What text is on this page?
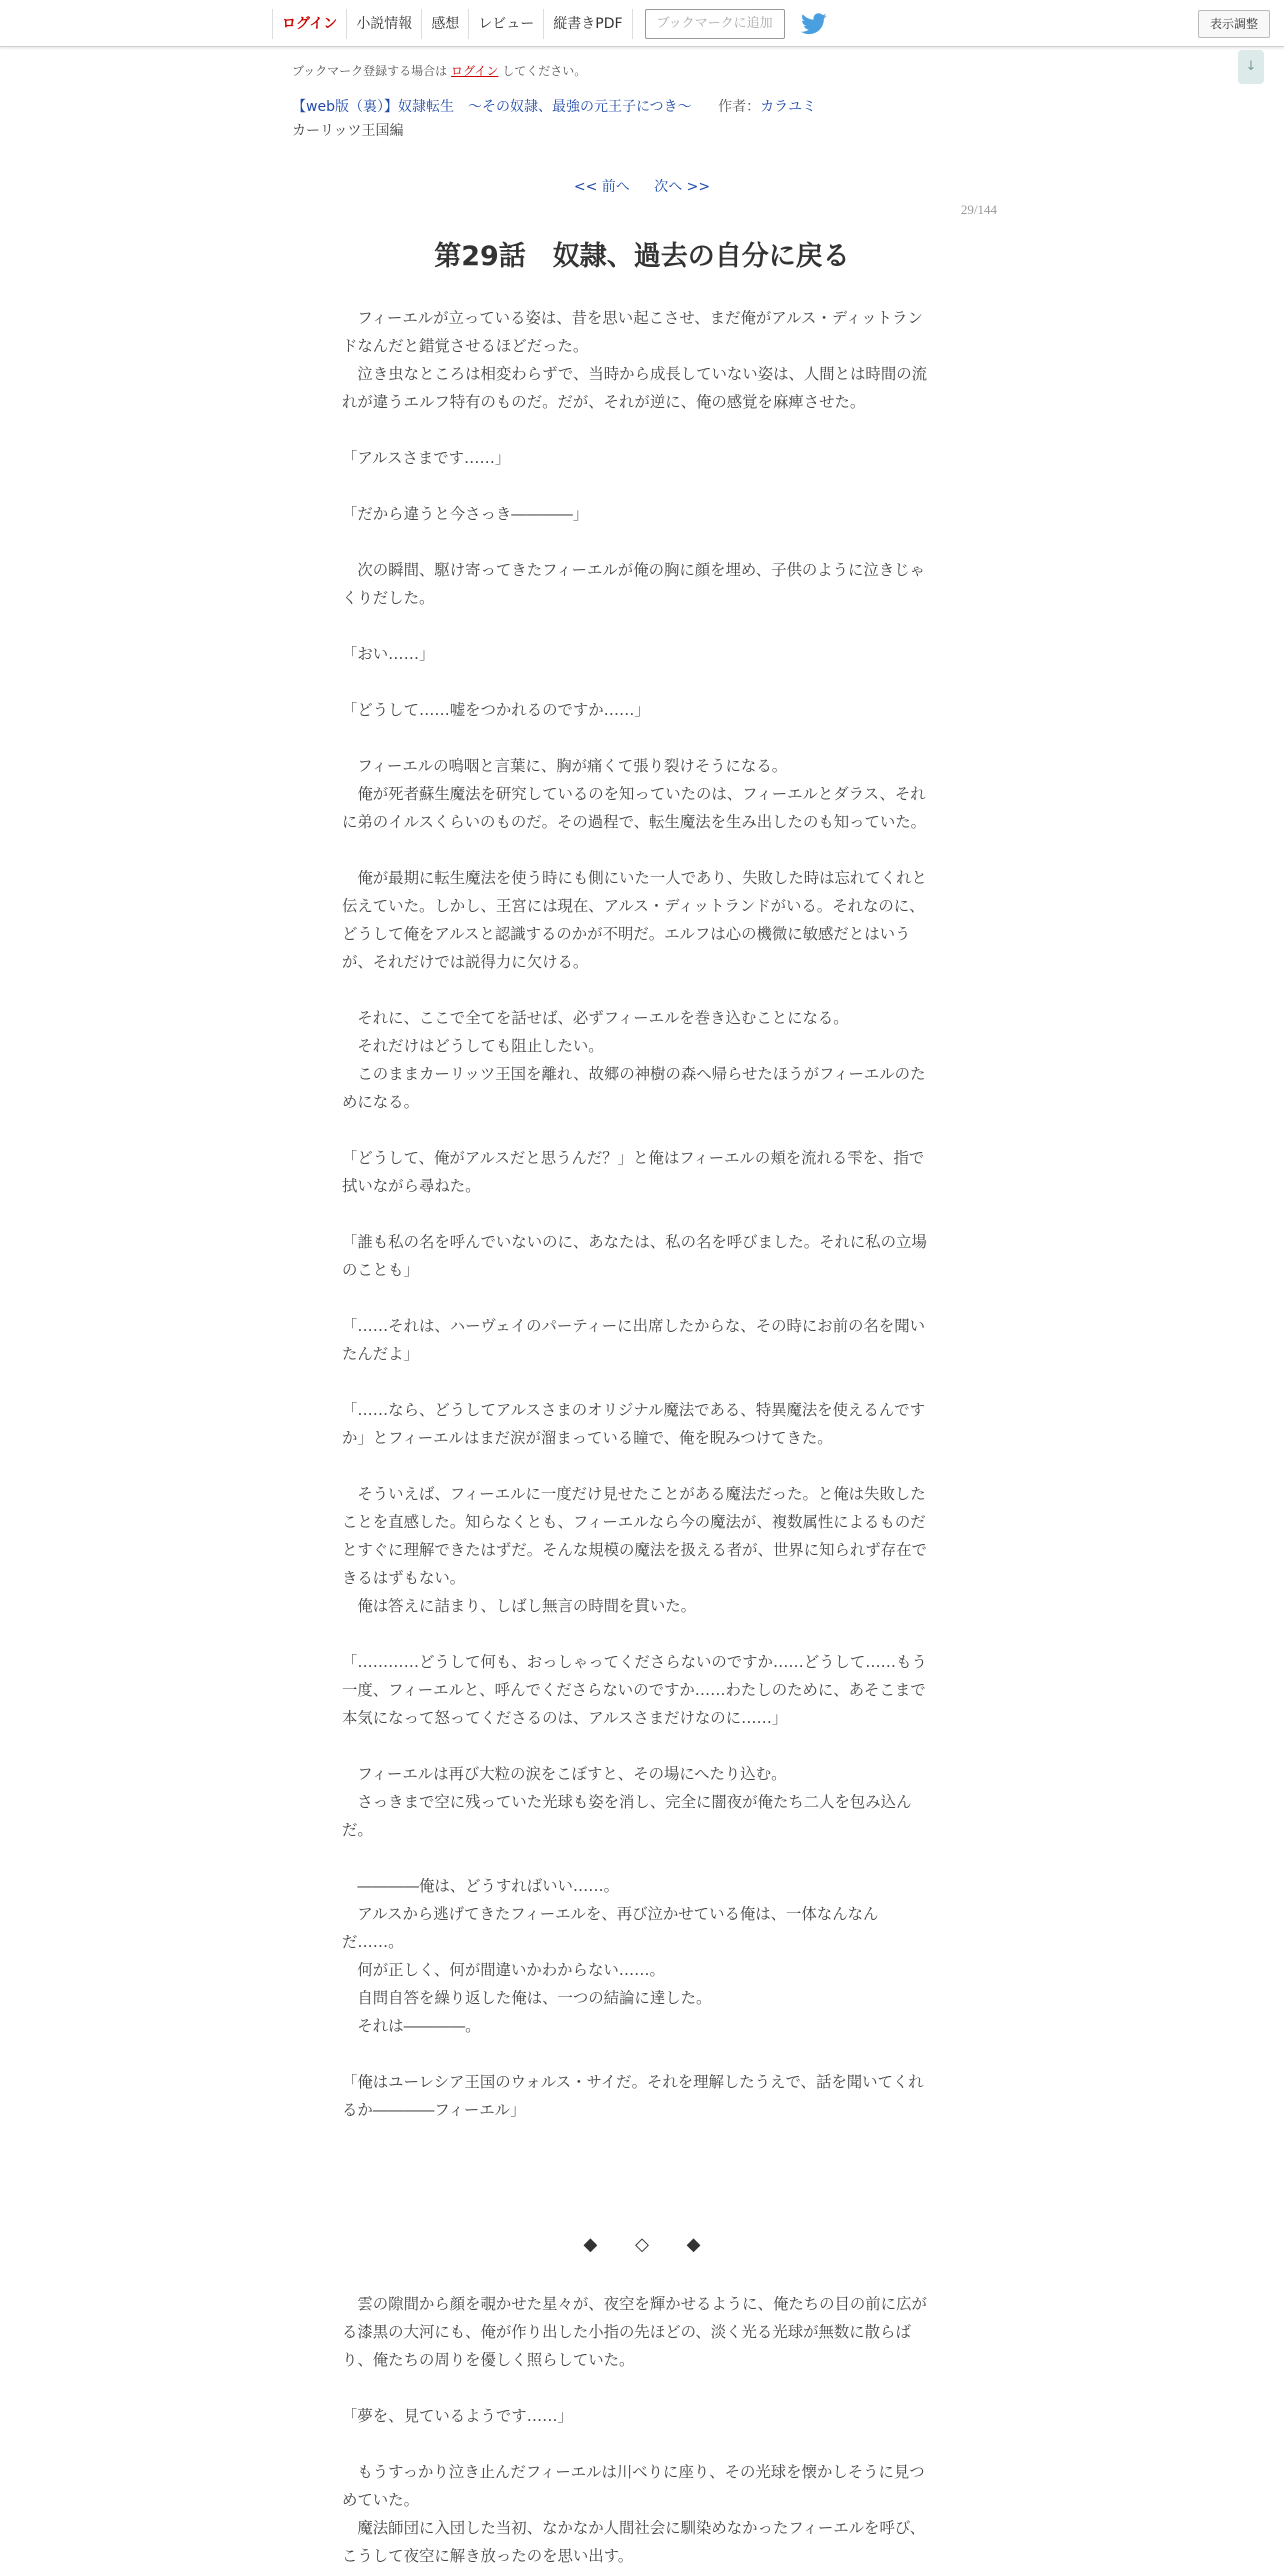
ログイン	小説情報	感想	レビュー	縦書きPDF	ブックマークに追加	表示調整
↓
ブックマーク登録する場合は ログイン してください。
【web版（裏）】奴隷転生　～その奴隷、最強の元王子につき～ 作者：カラユミ
カーリッツ王国編
<< 前へ 次へ >>
29/144
第29話　奴隷、過去の自分に戻る

　フィーエルが立っている姿は、昔を思い起こさせ、まだ俺がアルス・ディットランドなんだと錯覚させるほどだった。

　泣き虫なところは相変わらずで、当時から成長していない姿は、人間とは時間の流れが違うエルフ特有のものだ。だが、それが逆に、俺の感覚を麻痺させた。

「アルスさまです……」

「だから違うと今さっき――――」

　次の瞬間、駆け寄ってきたフィーエルが俺の胸に顔を埋め、子供のように泣きじゃくりだした。

「おい……」

「どうして……嘘をつかれるのですか……」

　フィーエルの嗚咽と言葉に、胸が痛くて張り裂けそうになる。

　俺が死者蘇生魔法を研究しているのを知っていたのは、フィーエルとダラス、それに弟のイルスくらいのものだ。その過程で、転生魔法を生み出したのも知っていた。

　俺が最期に転生魔法を使う時にも側にいた一人であり、失敗した時は忘れてくれと伝えていた。しかし、王宮には現在、アルス・ディットランドがいる。それなのに、どうして俺をアルスと認識するのかが不明だ。エルフは心の機微に敏感だとはいうが、それだけでは説得力に欠ける。

　それに、ここで全てを話せば、必ずフィーエルを巻き込むことになる。

　それだけはどうしても阻止したい。

　このままカーリッツ王国を離れ、故郷の神樹の森へ帰らせたほうがフィーエルのためになる。

「どうして、俺がアルスだと思うんだ？」と俺はフィーエルの頬を流れる雫を、指で拭いながら尋ねた。

「誰も私の名を呼んでいないのに、あなたは、私の名を呼びました。それに私の立場のことも」

「……それは、ハーヴェイのパーティーに出席したからな、その時にお前の名を聞いたんだよ」

「……なら、どうしてアルスさまのオリジナル魔法である、特異魔法を使えるんですか」とフィーエルはまだ涙が溜まっている瞳で、俺を睨みつけてきた。

　そういえば、フィーエルに一度だけ見せたことがある魔法だった。と俺は失敗したことを直感した。知らなくとも、フィーエルなら今の魔法が、複数属性によるものだとすぐに理解できたはずだ。そんな規模の魔法を扱える者が、世界に知られず存在できるはずもない。

　俺は答えに詰まり、しばし無言の時間を貫いた。

「…………どうして何も、おっしゃってくださらないのですか……どうして……もう一度、フィーエルと、呼んでくださらないのですか……わたしのために、あそこまで本気になって怒ってくださるのは、アルスさまだけなのに……」

　フィーエルは再び大粒の涙をこぼすと、その場にへたり込む。

　さっきまで空に残っていた光球も姿を消し、完全に闇夜が俺たち二人を包み込んだ。

　――――俺は、どうすればいい……。

　アルスから逃げてきたフィーエルを、再び泣かせている俺は、一体なんなんだ……。

　何が正しく、何が間違いかわからない……。

　自問自答を繰り返した俺は、一つの結論に達した。

　それは――――。

「俺はユーレシア王国のウォルス・サイだ。それを理解したうえで、話を聞いてくれるか――――フィーエル」

◆ ◇ ◆

　雲の隙間から顔を覗かせた星々が、夜空を輝かせるように、俺たちの目の前に広がる漆黒の大河にも、俺が作り出した小指の先ほどの、淡く光る光球が無数に散らばり、俺たちの周りを優しく照らしていた。

「夢を、見ているようです……」

　もうすっかり泣き止んだフィーエルは川べりに座り、その光球を懐かしそうに見つめていた。

　魔法師団に入団した当初、なかなか人間社会に馴染めなかったフィーエルを呼び、こうして夜空に解き放ったのを思い出す。
